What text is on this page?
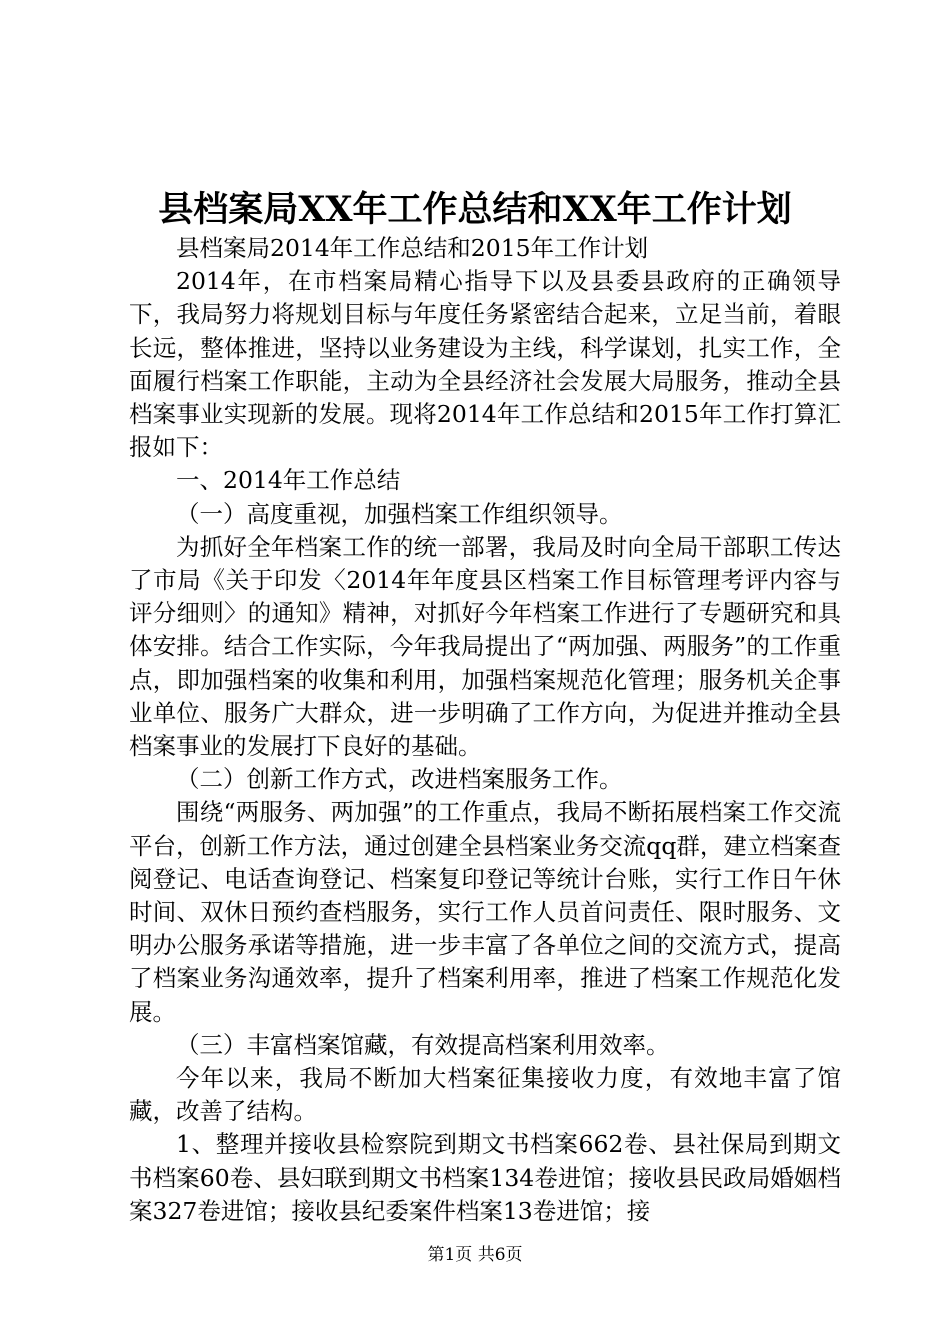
县档案局XX年工作总结和XX年工作计划

县档案局2014年工作总结和2015年工作计划

2014年，在市档案局精心指导下以及县委县政府的正确领导下，我局努力将规划目标与年度任务紧密结合起来，立足当前，着眼长远，整体推进，坚持以业务建设为主线，科学谋划，扎实工作，全面履行档案工作职能，主动为全县经济社会发展大局服务，推动全县档案事业实现新的发展。现将2014年工作总结和2015年工作打算汇报如下：

一、2014年工作总结

（一）高度重视，加强档案工作组织领导。

为抓好全年档案工作的统一部署，我局及时向全局干部职工传达了市局《关于印发〈2014年年度县区档案工作目标管理考评内容与评分细则〉的通知》精神，对抓好今年档案工作进行了专题研究和具体安排。结合工作实际，今年我局提出了“两加强、两服务”的工作重点，即加强档案的收集和利用，加强档案规范化管理；服务机关企事业单位、服务广大群众，进一步明确了工作方向，为促进并推动全县档案事业的发展打下良好的基础。

（二）创新工作方式，改进档案服务工作。

围绕“两服务、两加强”的工作重点，我局不断拓展档案工作交流平台，创新工作方法，通过创建全县档案业务交流qq群，建立档案查阅登记、电话查询登记、档案复印登记等统计台账，实行工作日午休时间、双休日预约查档服务，实行工作人员首问责任、限时服务、文明办公服务承诺等措施，进一步丰富了各单位之间的交流方式，提高了档案业务沟通效率，提升了档案利用率，推进了档案工作规范化发展。

（三）丰富档案馆藏，有效提高档案利用效率。

今年以来，我局不断加大档案征集接收力度，有效地丰富了馆藏，改善了结构。

1、整理并接收县检察院到期文书档案662卷、县社保局到期文书档案60卷、县妇联到期文书档案134卷进馆；接收县民政局婚姻档案327卷进馆；接收县纪委案件档案13卷进馆；接

第1页 共6页
